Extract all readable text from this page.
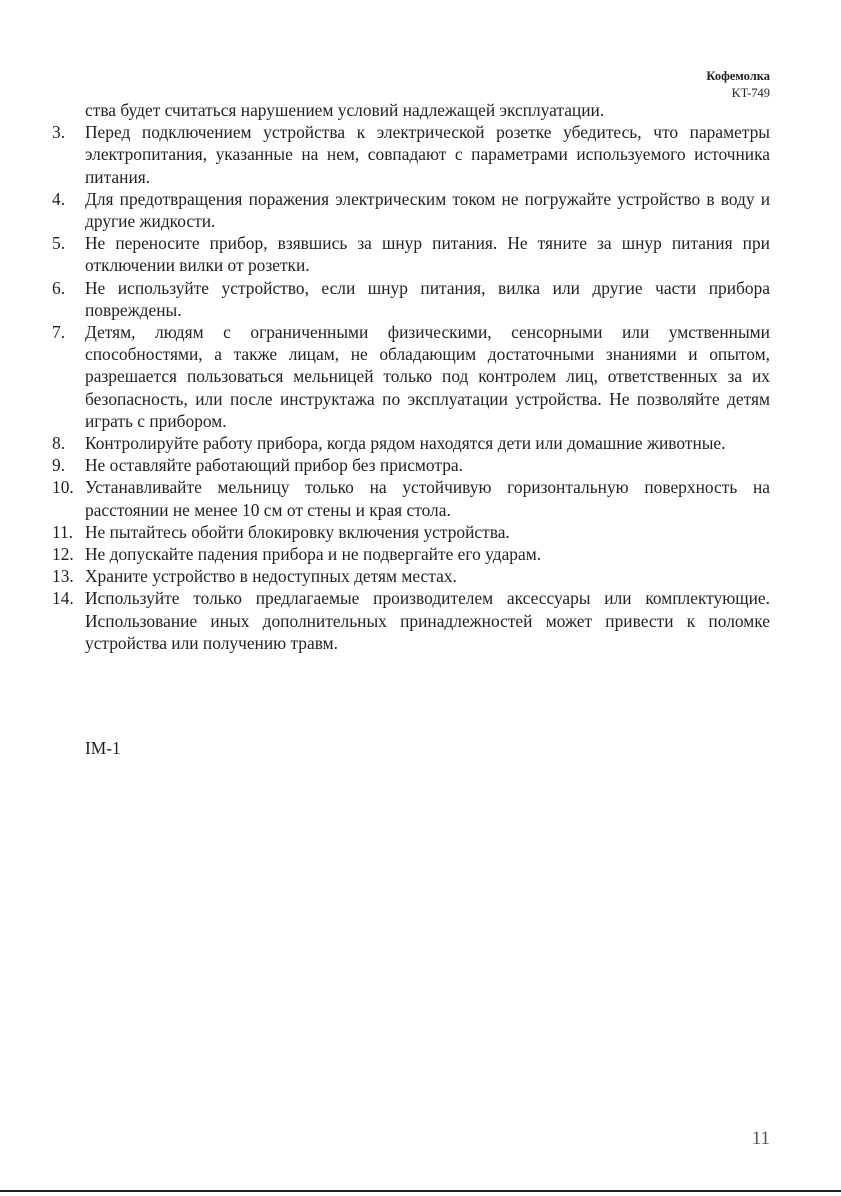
Кофемолка
KT-749

ства будет считаться нарушением условий надлежащей эксплуатации.

3. Перед подключением устройства к электрической розетке убедитесь, что параметры электропитания, указанные на нем, совпадают с параметрами используемого источника питания.
4. Для предотвращения поражения электрическим током не погружайте устройство в воду и другие жидкости.
5. Не переносите прибор, взявшись за шнур питания. Не тяните за шнур питания при отключении вилки от розетки.
6. Не используйте устройство, если шнур питания, вилка или другие части прибора повреждены.
7. Детям, людям с ограниченными физическими, сенсорными или умственными способностями, а также лицам, не обладающим достаточными знаниями и опытом, разрешается пользоваться мельницей только под контролем лиц, ответственных за их безопасность, или после инструктажа по эксплуатации устройства. Не позволяйте детям играть с прибором.
8. Контролируйте работу прибора, когда рядом находятся дети или домашние животные.
9. Не оставляйте работающий прибор без присмотра.
10. Устанавливайте мельницу только на устойчивую горизонтальную поверхность на расстоянии не менее 10 см от стены и края стола.
11. Не пытайтесь обойти блокировку включения устройства.
12. Не допускайте падения прибора и не подвергайте его ударам.
13. Храните устройство в недоступных детям местах.
14. Используйте только предлагаемые производителем аксессуары или комплектующие. Использование иных дополнительных принадлежностей может привести к поломке устройства или получению травм.
IM-1
11
